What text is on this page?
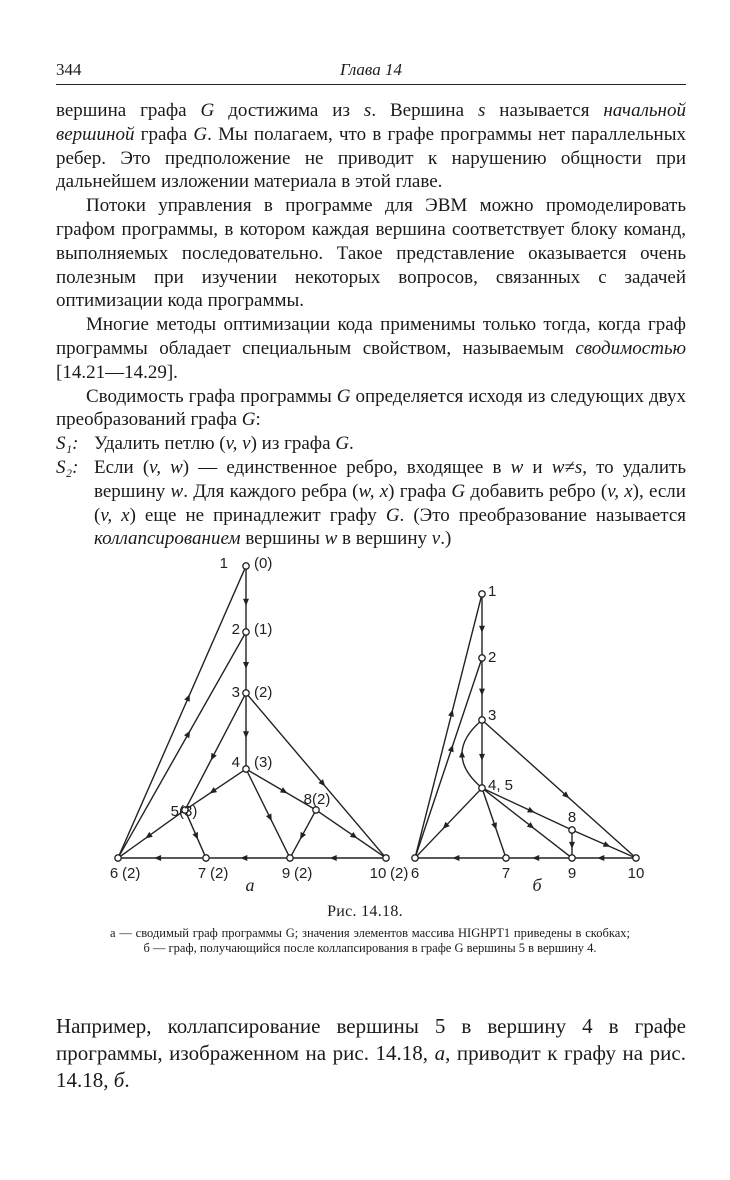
344	Глава 14

вершина графа G достижима из s. Вершина s называется начальной вершиной графа G. Мы полагаем, что в графе программы нет параллельных ребер. Это предположение не приводит к нарушению общности при дальнейшем изложении материала в этой главе.

Потоки управления в программе для ЭВМ можно промоделировать графом программы, в котором каждая вершина соответствует блоку команд, выполняемых последовательно. Такое представление оказывается очень полезным при изучении некоторых вопросов, связанных с задачей оптимизации кода программы.

Многие методы оптимизации кода применимы только тогда, когда граф программы обладает специальным свойством, называемым сводимостью [14.21—14.29].

Сводимость графа программы G определяется исходя из следующих двух преобразований графа G:

S₁: Удалить петлю (v, v) из графа G.
S₂: Если (v, w) — единственное ребро, входящее в w и w≠s, то удалить вершину w. Для каждого ребра (w, x) графа G добавить ребро (v, x), если (v, x) еще не принадлежит графу G. (Это преобразование называется коллапсированием вершины w в вершину v.)
1 (0)
2 (1)
3 (2)
4 (3)
5 (3)
6 (2)	7 (2)
8 (2)
9 (2)	10 (2)
a
1
2
3
4, 5
6	7
8
9	10
б
Рис. 14.18.
а — сводимый граф программы G; значения элементов массива HIGHPT1 приведены в скобках; б — граф, получающийся после коллапсирования в графе G вершины 5 в вершину 4.
Например, коллапсирование вершины 5 в вершину 4 в графе программы, изображенном на рис. 14.18, а, приводит к графу на рис. 14.18, б.
